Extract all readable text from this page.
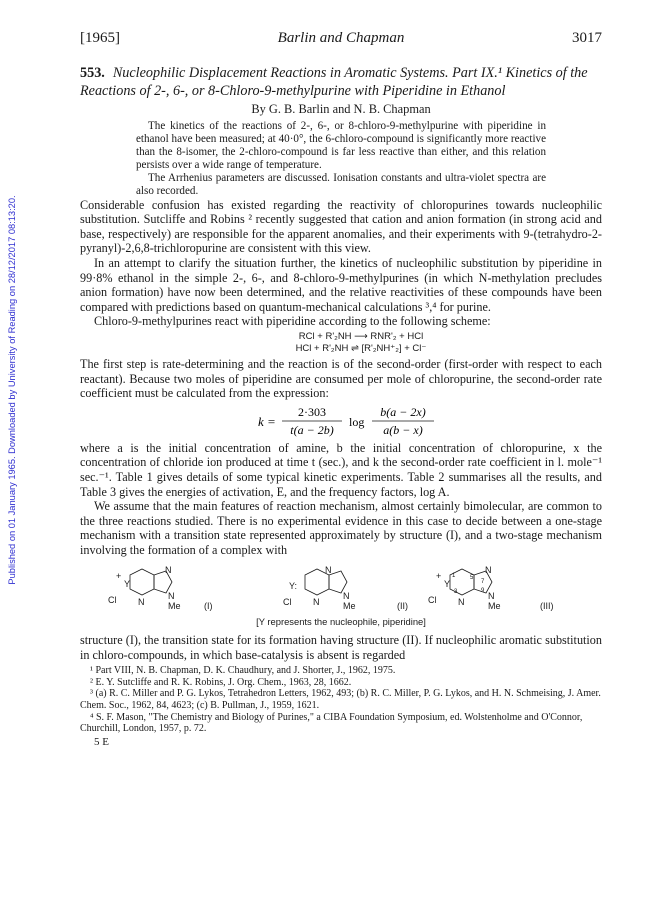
Published on 01 January 1965. Downloaded by University of Reading on 28/12/2017 08:13:20.
[1965]	Barlin and Chapman	3017
553. Nucleophilic Displacement Reactions in Aromatic Systems. Part IX.¹ Kinetics of the Reactions of 2-, 6-, or 8-Chloro-9-methylpurine with Piperidine in Ethanol
By G. B. Barlin and N. B. Chapman

The kinetics of the reactions of 2-, 6-, or 8-chloro-9-methylpurine with piperidine in ethanol have been measured; at 40·0°, the 6-chloro-compound is significantly more reactive than the 8-isomer, the 2-chloro-compound is far less reactive than either, and this relation persists over a wide range of temperature.

The Arrhenius parameters are discussed. Ionisation constants and ultra-violet spectra are also recorded.

Considerable confusion has existed regarding the reactivity of chloropurines towards nucleophilic substitution. Sutcliffe and Robins ² recently suggested that cation and anion formation (in strong acid and base, respectively) are responsible for the apparent anomalies, and their experiments with 9-(tetrahydro-2-pyranyl)-2,6,8-trichloropurine are consistent with this view.

In an attempt to clarify the situation further, the kinetics of nucleophilic substitution by piperidine in 99·8% ethanol in the simple 2-, 6-, and 8-chloro-9-methylpurines (in which N-methylation precludes anion formation) have now been determined, and the relative reactivities of these compounds have been compared with predictions based on quantum-mechanical calculations ³,⁴ for purine.

Chloro-9-methylpurines react with piperidine according to the following scheme:

RCl + R'₂NH ⟶ RNR'₂ + HCl
HCl + R'₂NH ⇌ [R'₂NH⁺₂] + Cl⁻

The first step is rate-determining and the reaction is of the second-order (first-order with respect to each reactant). Because two moles of piperidine are consumed per mole of chloropurine, the second-order rate coefficient must be calculated from the expression:

k =
2·303
t(a − 2b)
log
b(a − 2x)
a(b − x)

where a is the initial concentration of amine, b the initial concentration of chloropurine, x the concentration of chloride ion produced at time t (sec.), and k the second-order rate coefficient in l. mole⁻¹ sec.⁻¹. Table 1 gives details of some typical kinetic experiments. Table 2 summarises all the results, and Table 3 gives the energies of activation, E, and the frequency factors, log A.

We assume that the main features of reaction mechanism, almost certainly bimolecular, are common to the three reactions studied. There is no experimental evidence in this case to decide between a one-stage mechanism with a transition state represented approximately by structure (I), and a two-stage mechanism involving the formation of a complex with

+
Y
Cl N
N
N
Me	(I)
Y:
Cl N
N
N
Me	(II)
+
Y
Cl N
N
N
Me
1
3
5
7
9
(III)
[Y represents the nucleophile, piperidine]

structure (I), the transition state for its formation having structure (II). If nucleophilic aromatic substitution in chloro-compounds, in which base-catalysis is absent is regarded

¹ Part VIII, N. B. Chapman, D. K. Chaudhury, and J. Shorter, J., 1962, 1975.
² E. Y. Sutcliffe and R. K. Robins, J. Org. Chem., 1963, 28, 1662.
³ (a) R. C. Miller and P. G. Lykos, Tetrahedron Letters, 1962, 493; (b) R. C. Miller, P. G. Lykos, and H. N. Schmeising, J. Amer. Chem. Soc., 1962, 84, 4623; (c) B. Pullman, J., 1959, 1621.
⁴ S. F. Mason, "The Chemistry and Biology of Purines," a CIBA Foundation Symposium, ed. Wolstenholme and O'Connor, Churchill, London, 1957, p. 72.
5 E
